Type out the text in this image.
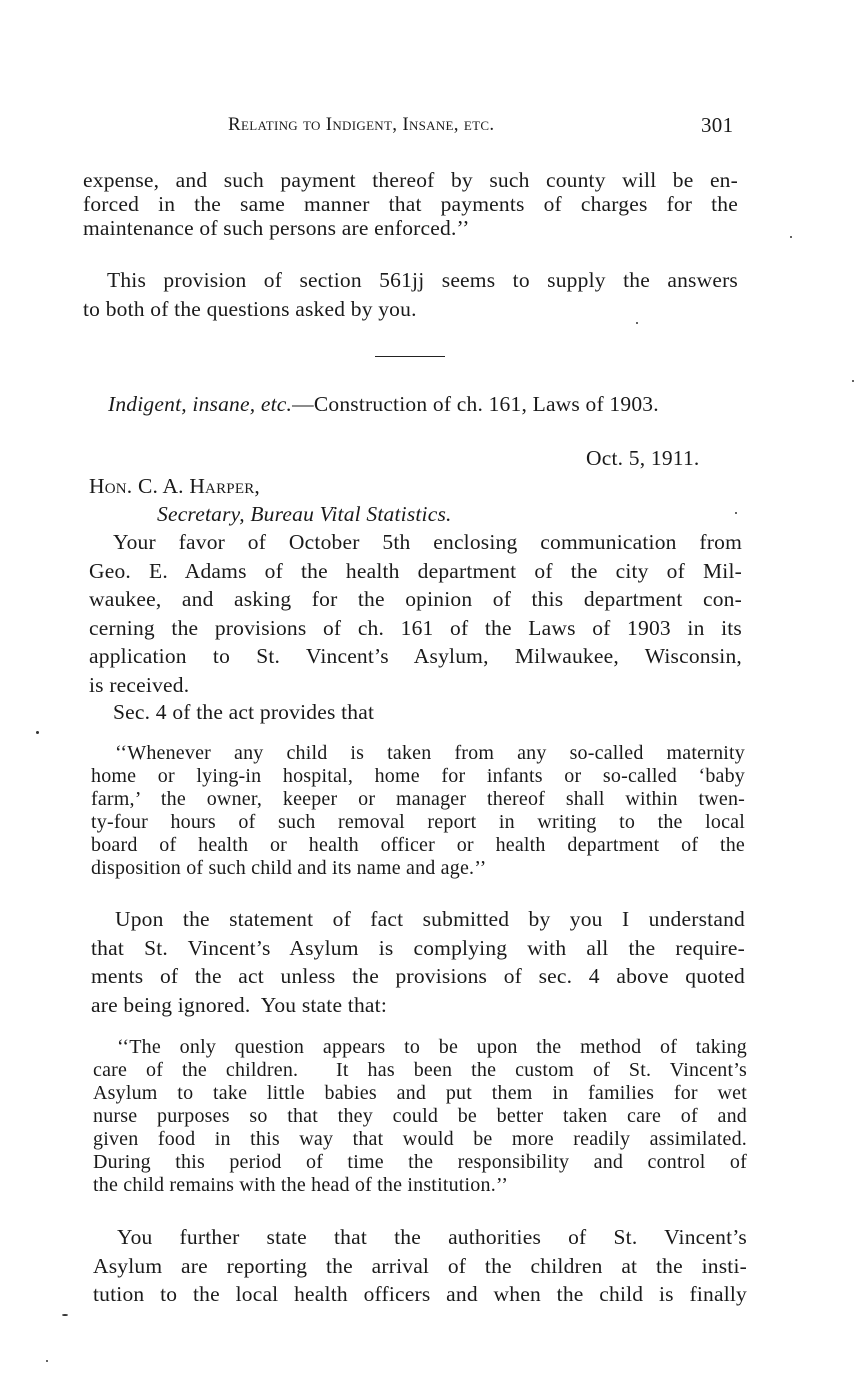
Relating to Indigent, Insane, etc.	301
expense, and such payment thereof by such county will be en-
forced in the same manner that payments of charges for the
maintenance of such persons are enforced.’’
This provision of section 561jj seems to supply the answers
to both of the questions asked by you.
Indigent, insane, etc.—Construction of ch. 161, Laws of 1903.
Oct. 5, 1911.
Hon. C. A. Harper,
Secretary, Bureau Vital Statistics.
Your favor of October 5th enclosing communication from
Geo. E. Adams of the health department of the city of Mil-
waukee, and asking for the opinion of this department con-
cerning the provisions of ch. 161 of the Laws of 1903 in its
application to St. Vincent’s Asylum, Milwaukee, Wisconsin,
is received.
Sec. 4 of the act provides that
‘‘Whenever any child is taken from any so-called maternity
home or lying-in hospital, home for infants or so-called ‘baby
farm,’ the owner, keeper or manager thereof shall within twen-
ty-four hours of such removal report in writing to the local
board of health or health officer or health department of the
disposition of such child and its name and age.’’
Upon the statement of fact submitted by you I understand
that St. Vincent’s Asylum is complying with all the require-
ments of the act unless the provisions of sec. 4 above quoted
are being ignored.  You state that:
‘‘The only question appears to be upon the method of taking
care of the children.  It has been the custom of St. Vincent’s
Asylum to take little babies and put them in families for wet
nurse purposes so that they could be better taken care of and
given food in this way that would be more readily assimilated.
During this period of time the responsibility and control of
the child remains with the head of the institution.’’
You further state that the authorities of St. Vincent’s
Asylum are reporting the arrival of the children at the insti-
tution to the local health officers and when the child is finally
